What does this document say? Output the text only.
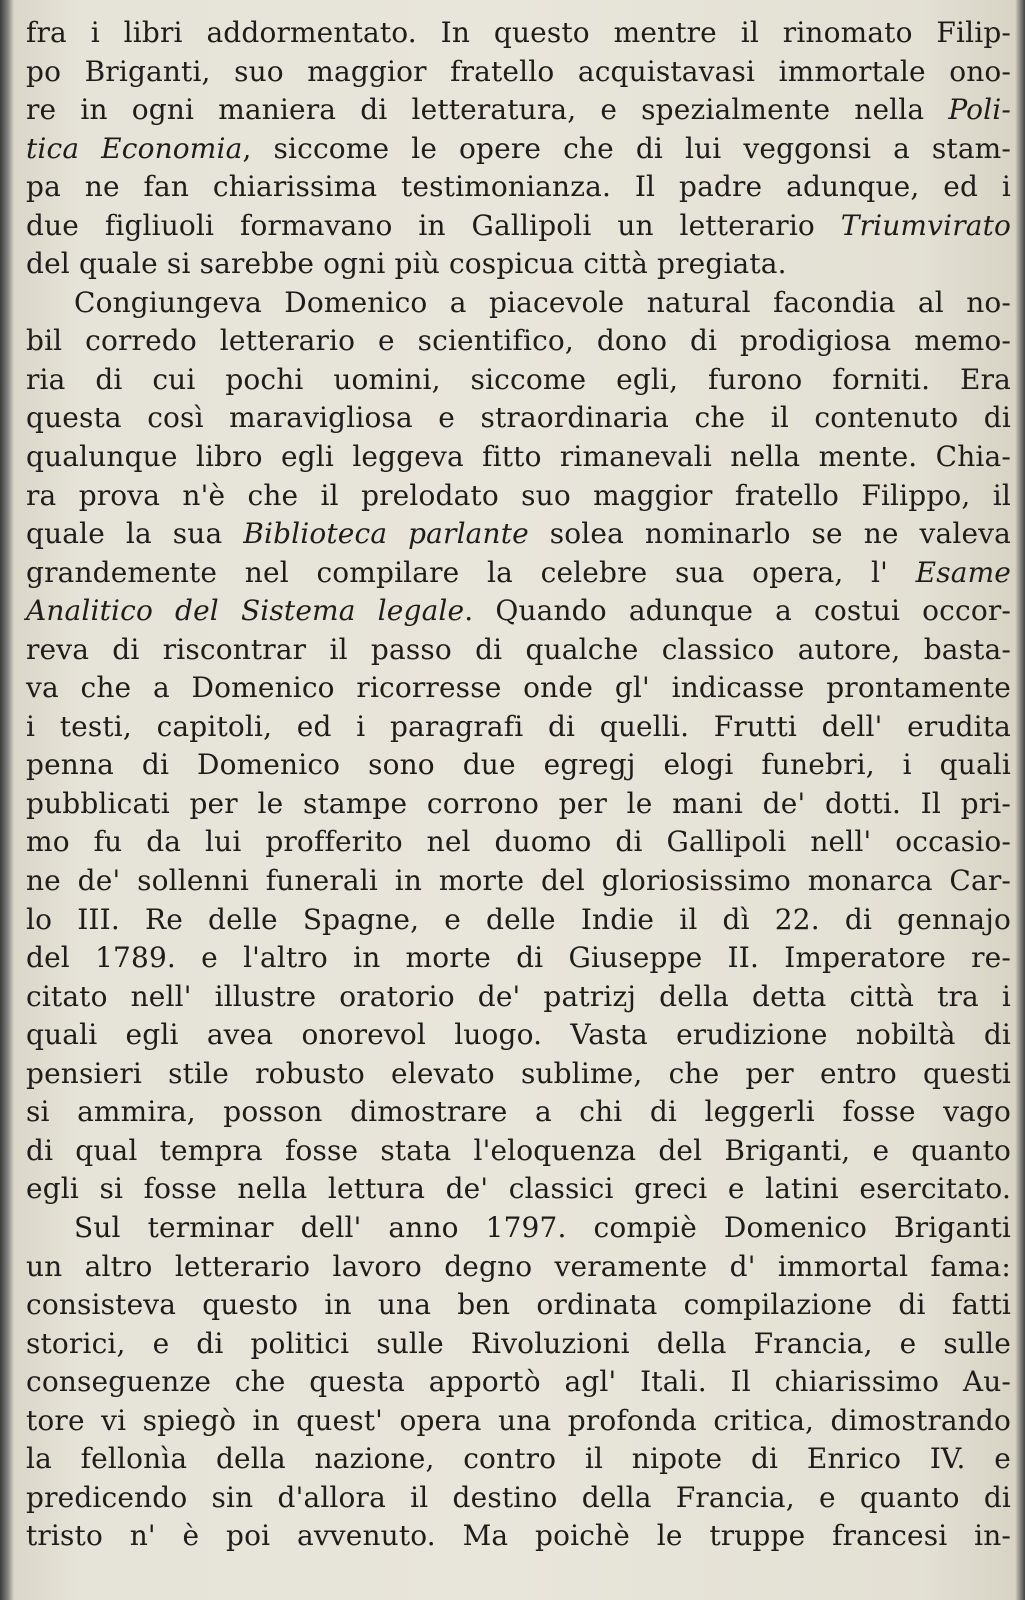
fra i libri addormentato. In questo mentre il rinomato Filip-
po Briganti, suo maggior fratello acquistavasi immortale ono-
re in ogni maniera di letteratura, e spezialmente nella Poli-
tica Economia, siccome le opere che di lui veggonsi a stam-
pa ne fan chiarissima testimonianza. Il padre adunque, ed i
due figliuoli formavano in Gallipoli un letterario Triumvirato
del quale si sarebbe ogni più cospicua città pregiata.
Congiungeva Domenico a piacevole natural facondia al no-
bil corredo letterario e scientifico, dono di prodigiosa memo-
ria di cui pochi uomini, siccome egli, furono forniti. Era
questa così maravigliosa e straordinaria che il contenuto di
qualunque libro egli leggeva fitto rimanevali nella mente. Chia-
ra prova n'è che il prelodato suo maggior fratello Filippo, il
quale la sua Biblioteca parlante solea nominarlo se ne valeva
grandemente nel compilare la celebre sua opera, l' Esame
Analitico del Sistema legale. Quando adunque a costui occor-
reva di riscontrar il passo di qualche classico autore, basta-
va che a Domenico ricorresse onde gl' indicasse prontamente
i testi, capitoli, ed i paragrafi di quelli. Frutti dell' erudita
penna di Domenico sono due egregj elogi funebri, i quali
pubblicati per le stampe corrono per le mani de' dotti. Il pri-
mo fu da lui profferito nel duomo di Gallipoli nell' occasio-
ne de' sollenni funerali in morte del gloriosissimo monarca Car-
lo III. Re delle Spagne, e delle Indie il dì 22. di gennajo
del 1789. e l'altro in morte di Giuseppe II. Imperatore re-
citato nell' illustre oratorio de' patrizj della detta città tra i
quali egli avea onorevol luogo. Vasta erudizione nobiltà di
pensieri stile robusto elevato sublime, che per entro questi
si ammira, posson dimostrare a chi di leggerli fosse vago
di qual tempra fosse stata l'eloquenza del Briganti, e quanto
egli si fosse nella lettura de' classici greci e latini esercitato.
Sul terminar dell' anno 1797. compiè Domenico Briganti
un altro letterario lavoro degno veramente d' immortal fama:
consisteva questo in una ben ordinata compilazione di fatti
storici, e di politici sulle Rivoluzioni della Francia, e sulle
conseguenze che questa apportò agl' Itali. Il chiarissimo Au-
tore vi spiegò in quest' opera una profonda critica, dimostrando
la fellonìa della nazione, contro il nipote di Enrico IV. e
predicendo sin d'allora il destino della Francia, e quanto di
tristo n' è poi avvenuto. Ma poichè le truppe francesi in-
